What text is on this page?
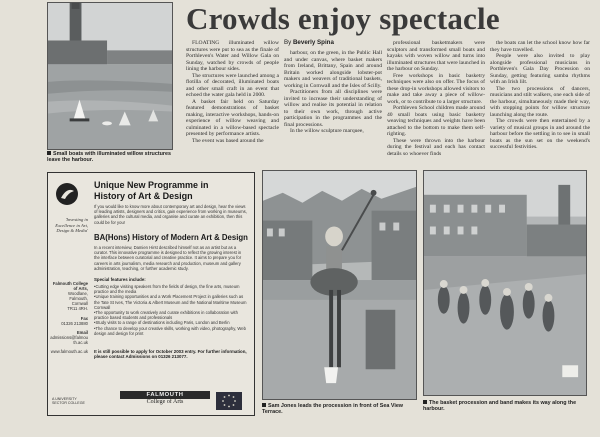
Small boats with illuminated willow structures leave the harbour.
Crowds enjoy spectacle
By Beverly Spina

FLOATING illuminated willow structures were put to sea as the finale of Porthleven's Water and Willow Gala on Sunday, watched by crowds of people lining the harbour sides.

The structures were launched among a flotilla of decorated, illuminated boats and other small craft in an event that echoed the water gala held in 2000.

A basket fair held on Saturday featured demonstrations of basket making, interactive workshops, hands-on experience of willow weaving and culminated in a willow-based spectacle presented by performance artists.

The event was based around the

harbour, on the green, in the Public Hall and under canvas, where basket makers from Ireland, Brittany, Spain and around Britain worked alongside lobster-pot makers and weavers of traditional baskets, working in Cornwall and the Isles of Scilly.

Practitioners from all disciplines were invited to increase their understanding of willow and realise its potential in relation to their own work, through active participation in the programmes and the final processions.

In the willow sculpture marquee,

professional basketmakers were sculptors and transformed small boats and kayaks with woven willow and turns into illuminated structures that were launched in the harbour on Sunday.

Free workshops in basic basketry techniques were also on offer. The focus of these drop-in workshops allowed visitors to make and take away a piece of willow-work, or to contribute to a larger structure.

Porthleven School children made around 40 small boats using basic basketry weaving techniques and weights have been attached to the bottom to make them self-righting.

These were thrown into the harbour during the festival and each has contact details so whoever finds

the boats can let the school know how far they have travelled.

People were also invited to play alongside professional musicians in Porthleven's Gala Day Procession on Sunday, getting featuring samba rhythms with an Irish lilt.

The two processions of dancers, musicians and stilt walkers, one each side of the harbour, simultaneously made their way, with stopping points for willow structure launching along the route.

The crowds were then entertained by a variety of musical groups in and around the harbour before the settling in to see in small boats as the sun set on the weekend's successful festivities.

Unique New Programme in
History of Art & Design
If you would like to know more about contemporary art and design, hear the views of leading artists, designers and critics, gain experience from working in museums, galleries and the cultural media, and organise and curate an exhibition, then this could be for you!
'Investing in Excellence in Art, Design & Media'
BA(Hons) History of Modern Art & Design
In a recent interview, Damien Hirst described himself not as an artist but as a curator. This innovative programme is designed to reflect the growing interest in the interface between curatorial and creative practice. It aims to prepare you for careers in arts journalism, media research and production, museum and gallery administration, teaching, or further academic study.
Special features include:
• Cutting edge visiting speakers from the fields of design, the fine arts, museum practice and the media
• Unique training opportunities and a Work Placement Project in galleries such as the Tate St Ives, The Victoria & Albert Museum and the National Maritime Museum Cornwall
• The opportunity to work creatively and curate exhibitions in collaboration with practice based students and professionals
• Study visits to a range of destinations including Paris, London and Berlin
• The chance to develop your creative skills, working with video, photography, Web design and design for print
It is still possible to apply for October 2003 entry. For further information, please contact Admissions on 01326 213077.
Falmouth College of Arts,
Woodlane,
Falmouth,
Cornwall
TR11 4RH.
Fax
01326 213880
Email
admissions@falmouth.ac.uk
www.falmouth.ac.uk
A UNIVERSITY SECTOR COLLEGE
FALMOUTH
College of Arts
Sam Jones leads the procession in front of Sea View Terrace.
The basket procession and band makes its way along the harbour.
